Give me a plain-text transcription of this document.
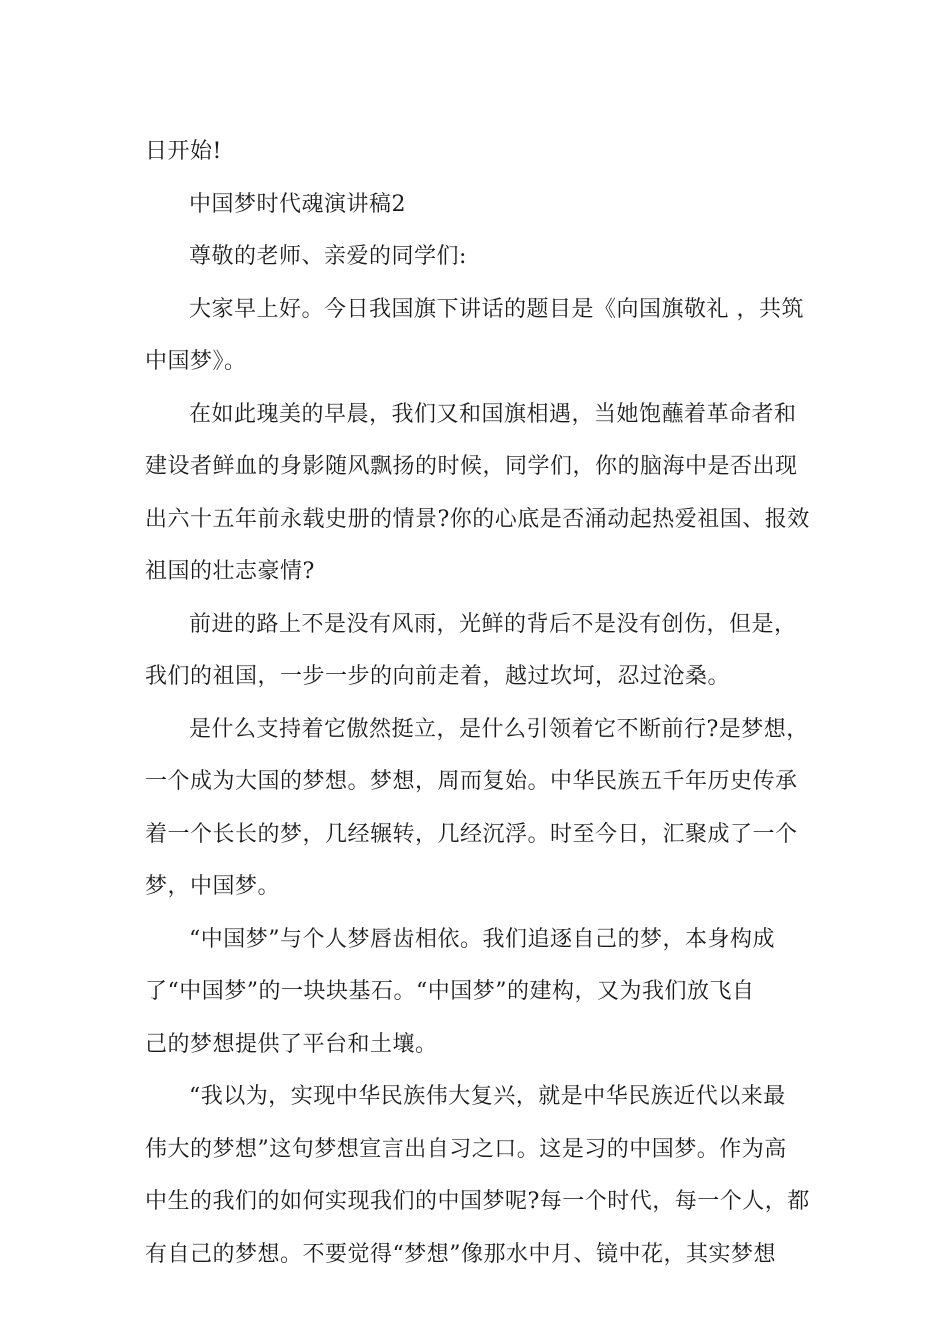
日开始!
中国梦时代魂演讲稿2
尊敬的老师、亲爱的同学们:
大家早上好。今日我国旗下讲话的题目是《向国旗敬礼 ，共筑
中国梦》。
在如此瑰美的早晨，我们又和国旗相遇，当她饱蘸着革命者和
建设者鲜血的身影随风飘扬的时候，同学们，你的脑海中是否出现
出六十五年前永载史册的情景?你的心底是否涌动起热爱祖国、报效
祖国的壮志豪情?
前进的路上不是没有风雨，光鲜的背后不是没有创伤，但是，
我们的祖国，一步一步的向前走着，越过坎坷，忍过沧桑。
是什么支持着它傲然挺立，是什么引领着它不断前行?是梦想，
一个成为大国的梦想。梦想，周而复始。中华民族五千年历史传承
着一个长长的梦，几经辗转，几经沉浮。时至今日，汇聚成了一个
梦，中国梦。
“中国梦”与个人梦唇齿相依。我们追逐自己的梦，本身构成
了“中国梦”的一块块基石。“中国梦”的建构，又为我们放飞自
己的梦想提供了平台和土壤。
“我以为，实现中华民族伟大复兴，就是中华民族近代以来最
伟大的梦想”这句梦想宣言出自习之口。这是习的中国梦。作为高
中生的我们的如何实现我们的中国梦呢?每一个时代，每一个人，都
有自己的梦想。不要觉得“梦想”像那水中月、镜中花，其实梦想
